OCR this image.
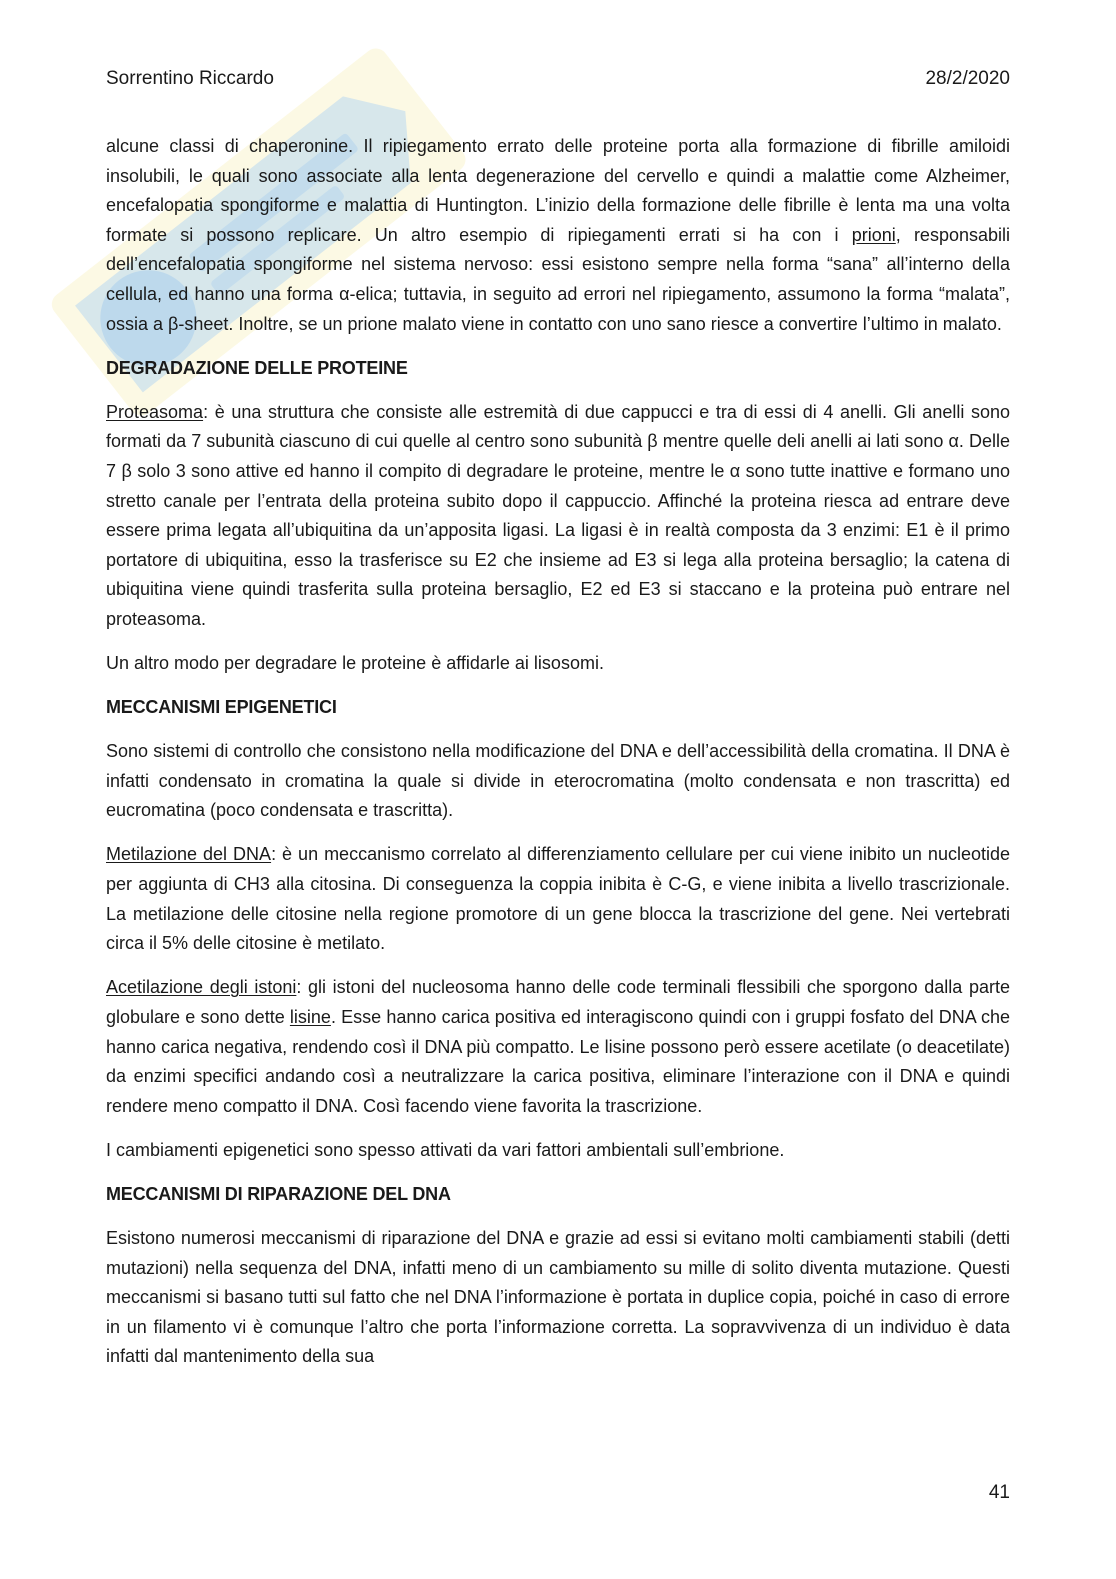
Sorrentino Riccardo	28/2/2020

alcune classi di chaperonine. Il ripiegamento errato delle proteine porta alla formazione di fibrille amiloidi insolubili, le quali sono associate alla lenta degenerazione del cervello e quindi a malattie come Alzheimer, encefalopatia spongiforme e malattia di Huntington. L’inizio della formazione delle fibrille è lenta ma una volta formate si possono replicare. Un altro esempio di ripiegamenti errati si ha con i prioni, responsabili dell’encefalopatia spongiforme nel sistema nervoso: essi esistono sempre nella forma “sana” all’interno della cellula, ed hanno una forma α-elica; tuttavia, in seguito ad errori nel ripiegamento, assumono la forma “malata”, ossia a β-sheet. Inoltre, se un prione malato viene in contatto con uno sano riesce a convertire l’ultimo in malato.

DEGRADAZIONE DELLE PROTEINE

Proteasoma: è una struttura che consiste alle estremità di due cappucci e tra di essi di 4 anelli. Gli anelli sono formati da 7 subunità ciascuno di cui quelle al centro sono subunità β mentre quelle deli anelli ai lati sono α. Delle 7 β solo 3 sono attive ed hanno il compito di degradare le proteine, mentre le α sono tutte inattive e formano uno stretto canale per l’entrata della proteina subito dopo il cappuccio. Affinché la proteina riesca ad entrare deve essere prima legata all’ubiquitina da un’apposita ligasi. La ligasi è in realtà composta da 3 enzimi: E1 è il primo portatore di ubiquitina, esso la trasferisce su E2 che insieme ad E3 si lega alla proteina bersaglio; la catena di ubiquitina viene quindi trasferita sulla proteina bersaglio, E2 ed E3 si staccano e la proteina può entrare nel proteasoma.

Un altro modo per degradare le proteine è affidarle ai lisosomi.

MECCANISMI EPIGENETICI

Sono sistemi di controllo che consistono nella modificazione del DNA e dell’accessibilità della cromatina. Il DNA è infatti condensato in cromatina la quale si divide in eterocromatina (molto condensata e non trascritta) ed eucromatina (poco condensata e trascritta).

Metilazione del DNA: è un meccanismo correlato al differenziamento cellulare per cui viene inibito un nucleotide per aggiunta di CH3 alla citosina. Di conseguenza la coppia inibita è C-G, e viene inibita a livello trascrizionale. La metilazione delle citosine nella regione promotore di un gene blocca la trascrizione del gene. Nei vertebrati circa il 5% delle citosine è metilato.

Acetilazione degli istoni: gli istoni del nucleosoma hanno delle code terminali flessibili che sporgono dalla parte globulare e sono dette lisine. Esse hanno carica positiva ed interagiscono quindi con i gruppi fosfato del DNA che hanno carica negativa, rendendo così il DNA più compatto. Le lisine possono però essere acetilate (o deacetilate) da enzimi specifici andando così a neutralizzare la carica positiva, eliminare l’interazione con il DNA e quindi rendere meno compatto il DNA. Così facendo viene favorita la trascrizione.

I cambiamenti epigenetici sono spesso attivati da vari fattori ambientali sull’embrione.

MECCANISMI DI RIPARAZIONE DEL DNA

Esistono numerosi meccanismi di riparazione del DNA e grazie ad essi si evitano molti cambiamenti stabili (detti mutazioni) nella sequenza del DNA, infatti meno di un cambiamento su mille di solito diventa mutazione. Questi meccanismi si basano tutti sul fatto che nel DNA l’informazione è portata in duplice copia, poiché in caso di errore in un filamento vi è comunque l’altro che porta l’informazione corretta. La sopravvivenza di un individuo è data infatti dal mantenimento della sua

41
